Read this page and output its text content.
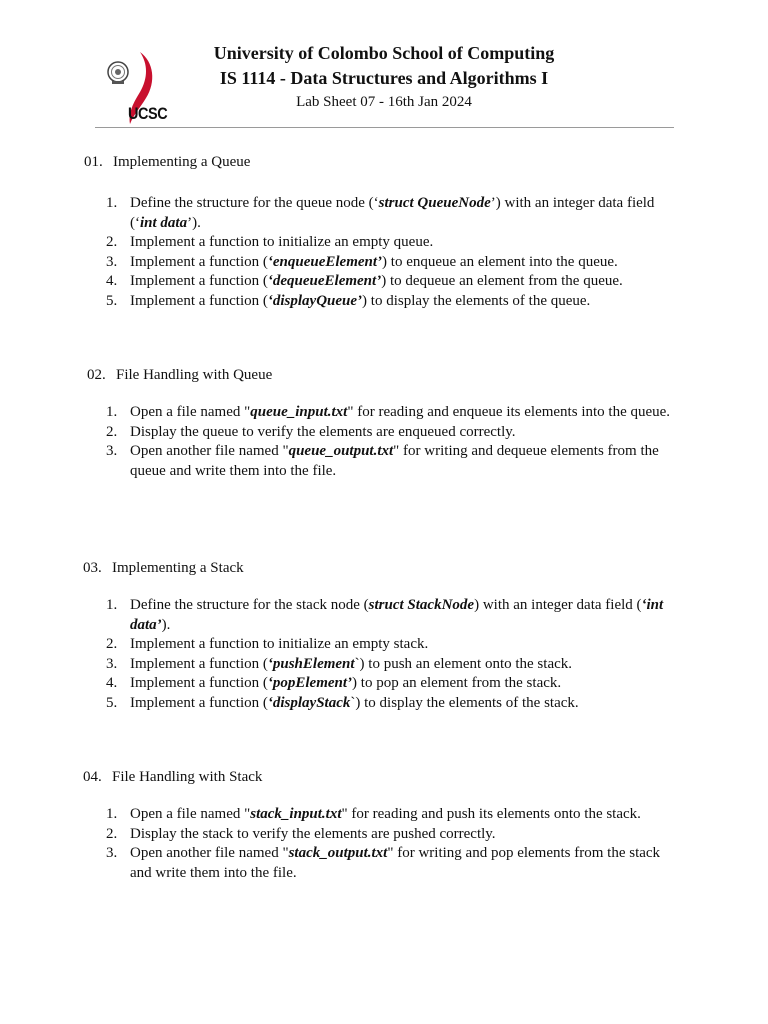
UCSC
University of Colombo School of Computing
IS 1114 - Data Structures and Algorithms I
Lab Sheet 07 - 16th Jan 2024
01. Implementing a Queue
1. Define the structure for the queue node (‘struct QueueNode’) with an integer data field (‘int data’).
2. Implement a function to initialize an empty queue.
3. Implement a function (‘enqueueElement’) to enqueue an element into the queue.
4. Implement a function (‘dequeueElement’) to dequeue an element from the queue.
5. Implement a function (‘displayQueue’) to display the elements of the queue.
02. File Handling with Queue
1. Open a file named "queue_input.txt" for reading and enqueue its elements into the queue.
2. Display the queue to verify the elements are enqueued correctly.
3. Open another file named "queue_output.txt" for writing and dequeue elements from the queue and write them into the file.
03. Implementing a Stack
1. Define the structure for the stack node (struct StackNode) with an integer data field (‘int data’).
2. Implement a function to initialize an empty stack.
3. Implement a function (‘pushElement`) to push an element onto the stack.
4. Implement a function (‘popElement’) to pop an element from the stack.
5. Implement a function (‘displayStack`) to display the elements of the stack.
04. File Handling with Stack
1. Open a file named "stack_input.txt" for reading and push its elements onto the stack.
2. Display the stack to verify the elements are pushed correctly.
3. Open another file named "stack_output.txt" for writing and pop elements from the stack and write them into the file.
